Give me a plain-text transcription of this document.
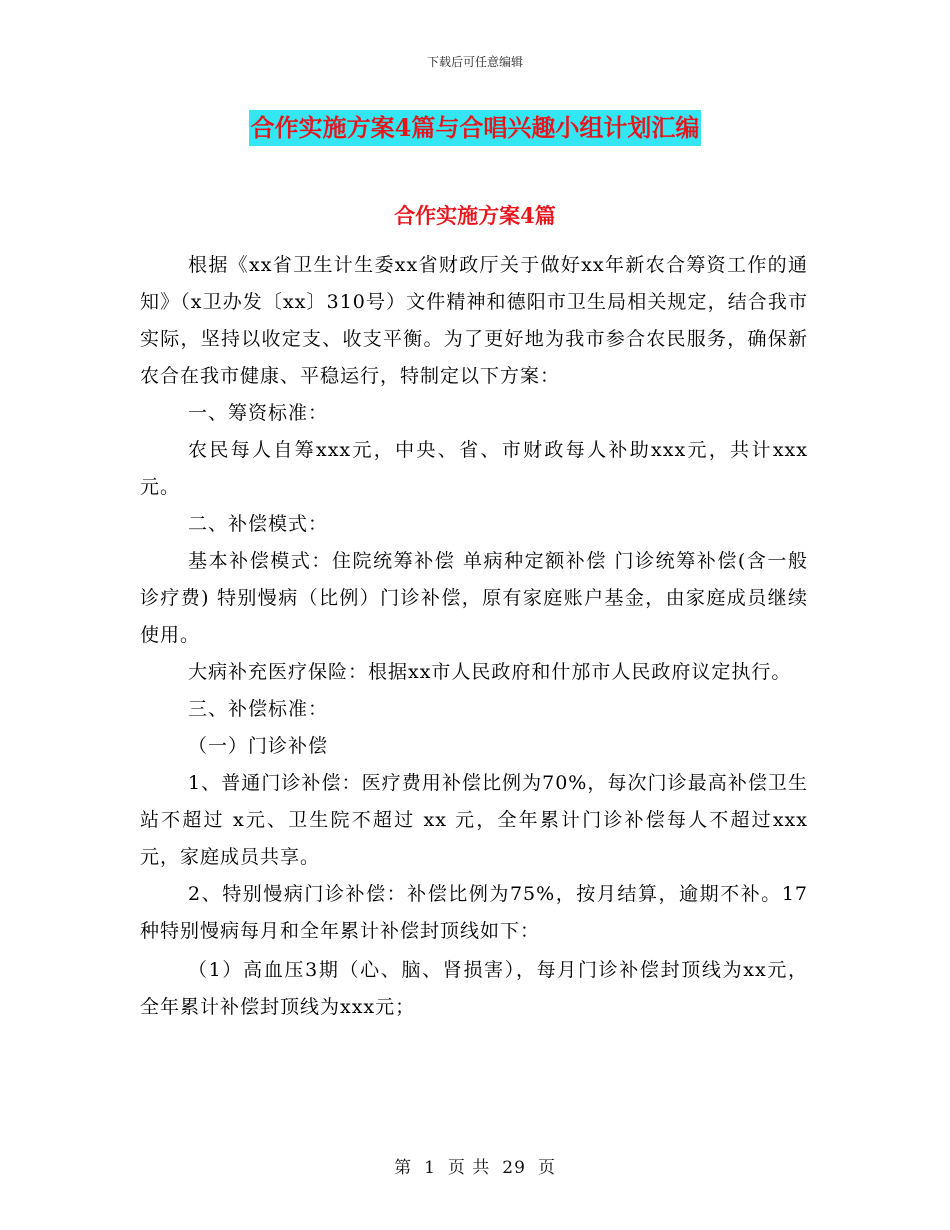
下载后可任意编辑
合作实施方案4篇与合唱兴趣小组计划汇编
合作实施方案4篇

根据《xx省卫生计生委xx省财政厅关于做好xx年新农合筹资工作的通知》（x卫办发〔xx〕310号）文件精神和德阳市卫生局相关规定，结合我市实际，坚持以收定支、收支平衡。为了更好地为我市参合农民服务，确保新农合在我市健康、平稳运行，特制定以下方案：

一、筹资标准：

农民每人自筹xxx元，中央、省、市财政每人补助xxx元，共计xxx元。

二、补偿模式：

基本补偿模式：住院统筹补偿 单病种定额补偿 门诊统筹补偿(含一般诊疗费) 特别慢病（比例）门诊补偿，原有家庭账户基金，由家庭成员继续使用。

大病补充医疗保险：根据xx市人民政府和什邡市人民政府议定执行。

三、补偿标准：

（一）门诊补偿

1、普通门诊补偿：医疗费用补偿比例为70%，每次门诊最高补偿卫生站不超过 x元、卫生院不超过 xx 元，全年累计门诊补偿每人不超过xxx元，家庭成员共享。

2、特别慢病门诊补偿：补偿比例为75%，按月结算，逾期不补。17种特别慢病每月和全年累计补偿封顶线如下：

（1）高血压3期（心、脑、肾损害），每月门诊补偿封顶线为xx元，全年累计补偿封顶线为xxx元；

第 1 页 共 29 页
